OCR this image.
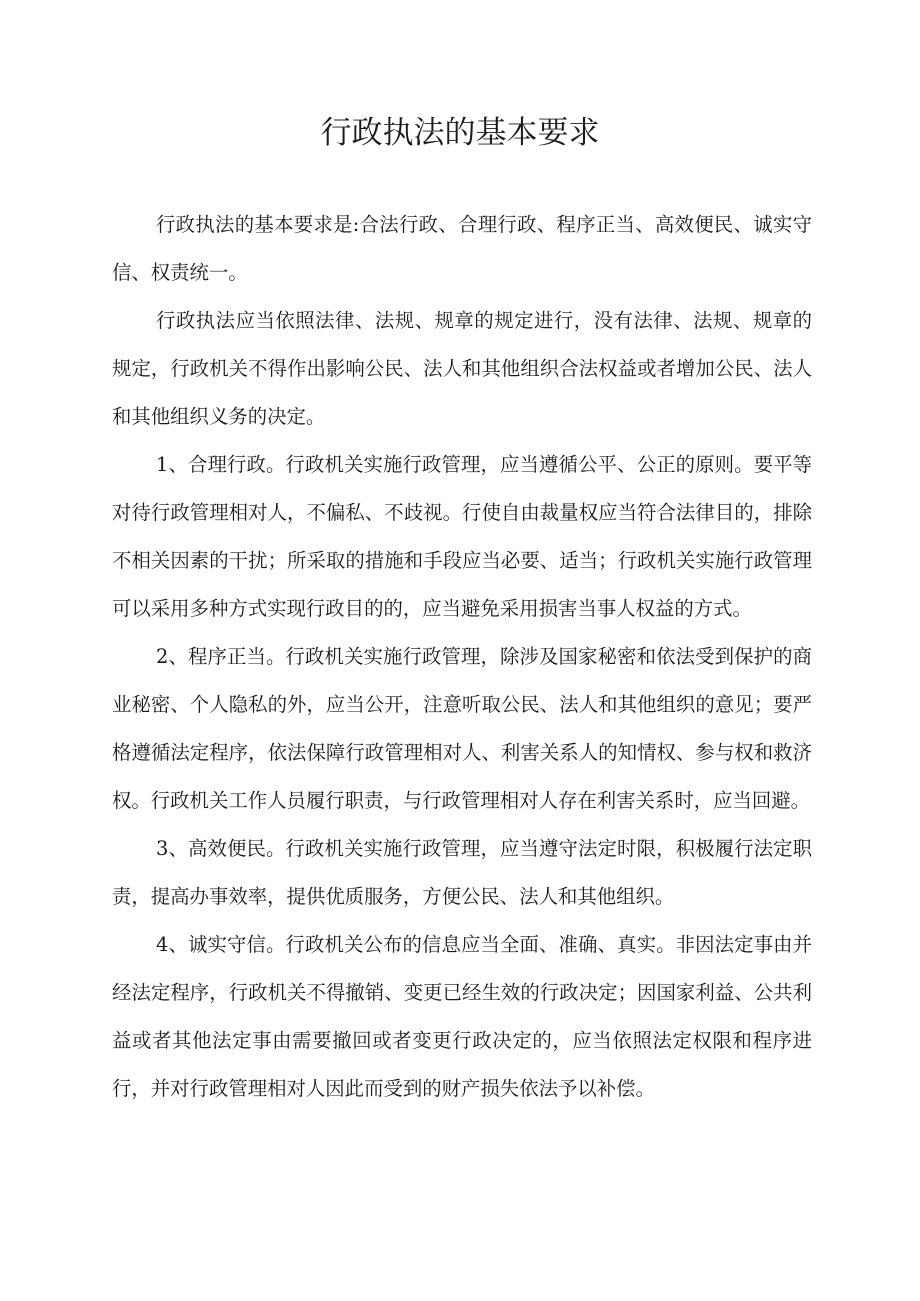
行政执法的基本要求

行政执法的基本要求是:合法行政、合理行政、程序正当、高效便民、诚实守信、权责统一。

行政执法应当依照法律、法规、规章的规定进行，没有法律、法规、规章的规定，行政机关不得作出影响公民、法人和其他组织合法权益或者增加公民、法人和其他组织义务的决定。

1、合理行政。行政机关实施行政管理，应当遵循公平、公正的原则。要平等对待行政管理相对人，不偏私、不歧视。行使自由裁量权应当符合法律目的，排除不相关因素的干扰；所采取的措施和手段应当必要、适当；行政机关实施行政管理可以采用多种方式实现行政目的的，应当避免采用损害当事人权益的方式。

2、程序正当。行政机关实施行政管理，除涉及国家秘密和依法受到保护的商业秘密、个人隐私的外，应当公开，注意听取公民、法人和其他组织的意见；要严格遵循法定程序，依法保障行政管理相对人、利害关系人的知情权、参与权和救济权。行政机关工作人员履行职责，与行政管理相对人存在利害关系时，应当回避。

3、高效便民。行政机关实施行政管理，应当遵守法定时限，积极履行法定职责，提高办事效率，提供优质服务，方便公民、法人和其他组织。

4、诚实守信。行政机关公布的信息应当全面、准确、真实。非因法定事由并经法定程序，行政机关不得撤销、变更已经生效的行政决定；因国家利益、公共利益或者其他法定事由需要撤回或者变更行政决定的，应当依照法定权限和程序进行，并对行政管理相对人因此而受到的财产损失依法予以补偿。
